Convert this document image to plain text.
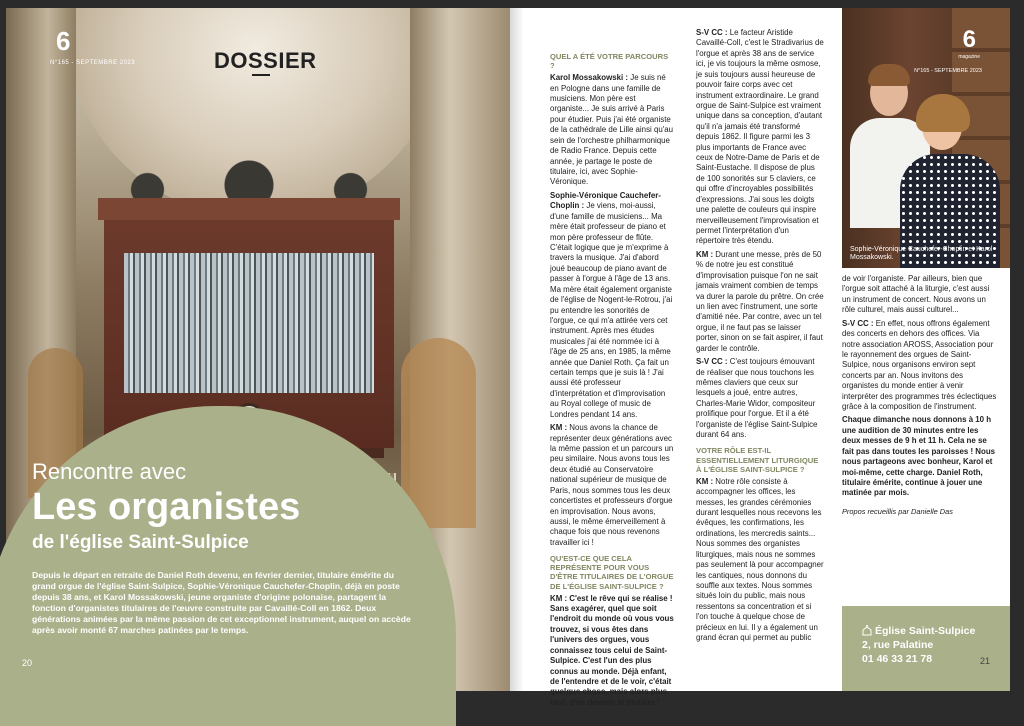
6
N°165 - SEPTEMBRE 2023	DOSSIER
Rencontre avec
Les organistes
de l'église Saint-Sulpice
Depuis le départ en retraite de Daniel Roth devenu, en février dernier, titulaire émérite du grand orgue de l'église Saint-Sulpice, Sophie-Véronique Cauchefer-Choplin, déjà en poste depuis 38 ans, et Karol Mossakowski, jeune organiste d'origine polonaise, partagent la fonction d'organistes titulaires de l'œuvre construite par Cavaillé-Coll en 1862. Deux générations animées par la même passion de cet exceptionnel instrument, auquel on accède après avoir monté 67 marches patinées par le temps.
20
QUEL A ÉTÉ VOTRE PARCOURS ?
Karol Mossakowski : Je suis né en Pologne dans une famille de musiciens. Mon père est organiste... Je suis arrivé à Paris pour étudier. Puis j'ai été organiste de la cathédrale de Lille ainsi qu'au sein de l'orchestre philharmonique de Radio France. Depuis cette année, je partage le poste de titulaire, ici, avec Sophie-Véronique.
Sophie-Véronique Cauchefer-Choplin : Je viens, moi-aussi, d'une famille de musiciens... Ma mère était professeur de piano et mon père professeur de flûte. C'était logique que je m'exprime à travers la musique. J'ai d'abord joué beaucoup de piano avant de passer à l'orgue à l'âge de 13 ans. Ma mère était également organiste de l'église de Nogent-le-Rotrou, j'ai pu entendre les sonorités de l'orgue, ce qui m'a attirée vers cet instrument. Après mes études musicales j'ai été nommée ici à l'âge de 25 ans, en 1985, la même année que Daniel Roth. Ça fait un certain temps que je suis là ! J'ai aussi été professeur d'interprétation et d'improvisation au Royal college of music de Londres pendant 14 ans.
KM : Nous avons la chance de représenter deux générations avec la même passion et un parcours un peu similaire. Nous avons tous les deux étudié au Conservatoire national supérieur de musique de Paris, nous sommes tous les deux concertistes et professeurs d'orgue en improvisation. Nous avons, aussi, le même émerveillement à chaque fois que nous revenons travailler ici !
QU'EST-CE QUE CELA REPRÉSENTE POUR VOUS D'ÊTRE TITULAIRES DE L'ORGUE DE L'ÉGLISE SAINT-SULPICE ?
KM : C'est le rêve qui se réalise ! Sans exagérer, quel que soit l'endroit du monde où vous vous trouvez, si vous êtes dans l'univers des orgues, vous connaissez tous celui de Saint-Sulpice. C'est l'un des plus connus au monde. Déjà enfant, de l'entendre et de le voir, c'était quelque chose, mais alors plus tard, d'en devenir le titulaire !
S-V CC : Le facteur Aristide Cavaillé-Coll, c'est le Stradivarius de l'orgue et après 38 ans de service ici, je vis toujours la même osmose, je suis toujours aussi heureuse de pouvoir faire corps avec cet instrument extraordinaire. Le grand orgue de Saint-Sulpice est vraiment unique dans sa conception, d'autant qu'il n'a jamais été transformé depuis 1862. Il figure parmi les 3 plus importants de France avec ceux de Notre-Dame de Paris et de Saint-Eustache. Il dispose de plus de 100 sonorités sur 5 claviers, ce qui offre d'incroyables possibilités d'expressions. J'ai sous les doigts une palette de couleurs qui inspire merveilleusement l'improvisation et permet l'interprétation d'un répertoire très étendu.
KM : Durant une messe, près de 50 % de notre jeu est constitué d'improvisation puisque l'on ne sait jamais vraiment combien de temps va durer la parole du prêtre. On crée un lien avec l'instrument, une sorte d'amitié née. Par contre, avec un tel orgue, il ne faut pas se laisser porter, sinon on se fait aspirer, il faut garder le contrôle.
S-V CC : C'est toujours émouvant de réaliser que nous touchons les mêmes claviers que ceux sur lesquels a joué, entre autres, Charles-Marie Widor, compositeur prolifique pour l'orgue. Et il a été l'organiste de l'église Saint-Sulpice durant 64 ans.
VOTRE RÔLE EST-IL ESSENTIELLEMENT LITURGIQUE À L'ÉGLISE SAINT-SULPICE ?
KM : Notre rôle consiste à accompagner les offices, les messes, les grandes cérémonies durant lesquelles nous recevons les évêques, les confirmations, les ordinations, les mercredis saints... Nous sommes des organistes liturgiques, mais nous ne sommes pas seulement là pour accompagner les cantiques, nous donnons du souffle aux textes. Nous sommes situés loin du public, mais nous ressentons sa concentration et si l'on touche à quelque chose de précieux en lui. Il y a également un grand écran qui permet au public
6
magazine
N°165 - SEPTEMBRE 2023
Sophie-Véronique Cauchefer-Choplin et Karol Mossakowski.
de voir l'organiste. Par ailleurs, bien que l'orgue soit attaché à la liturgie, c'est aussi un instrument de concert. Nous avons un rôle culturel, mais aussi culturel...
S-V CC : En effet, nous offrons également des concerts en dehors des offices. Via notre association AROSS, Association pour le rayonnement des orgues de Saint-Sulpice, nous organisons environ sept concerts par an. Nous invitons des organistes du monde entier à venir interpréter des programmes très éclectiques grâce à la composition de l'instrument.
Chaque dimanche nous donnons à 10 h une audition de 30 minutes entre les deux messes de 9 h et 11 h. Cela ne se fait pas dans toutes les paroisses ! Nous nous partageons avec bonheur, Karol et moi-même, cette charge. Daniel Roth, titulaire émérite, continue à jouer une matinée par mois.
Propos recueillis par Danielle Das
Église Saint-Sulpice
2, rue Palatine
01 46 33 21 78	21
